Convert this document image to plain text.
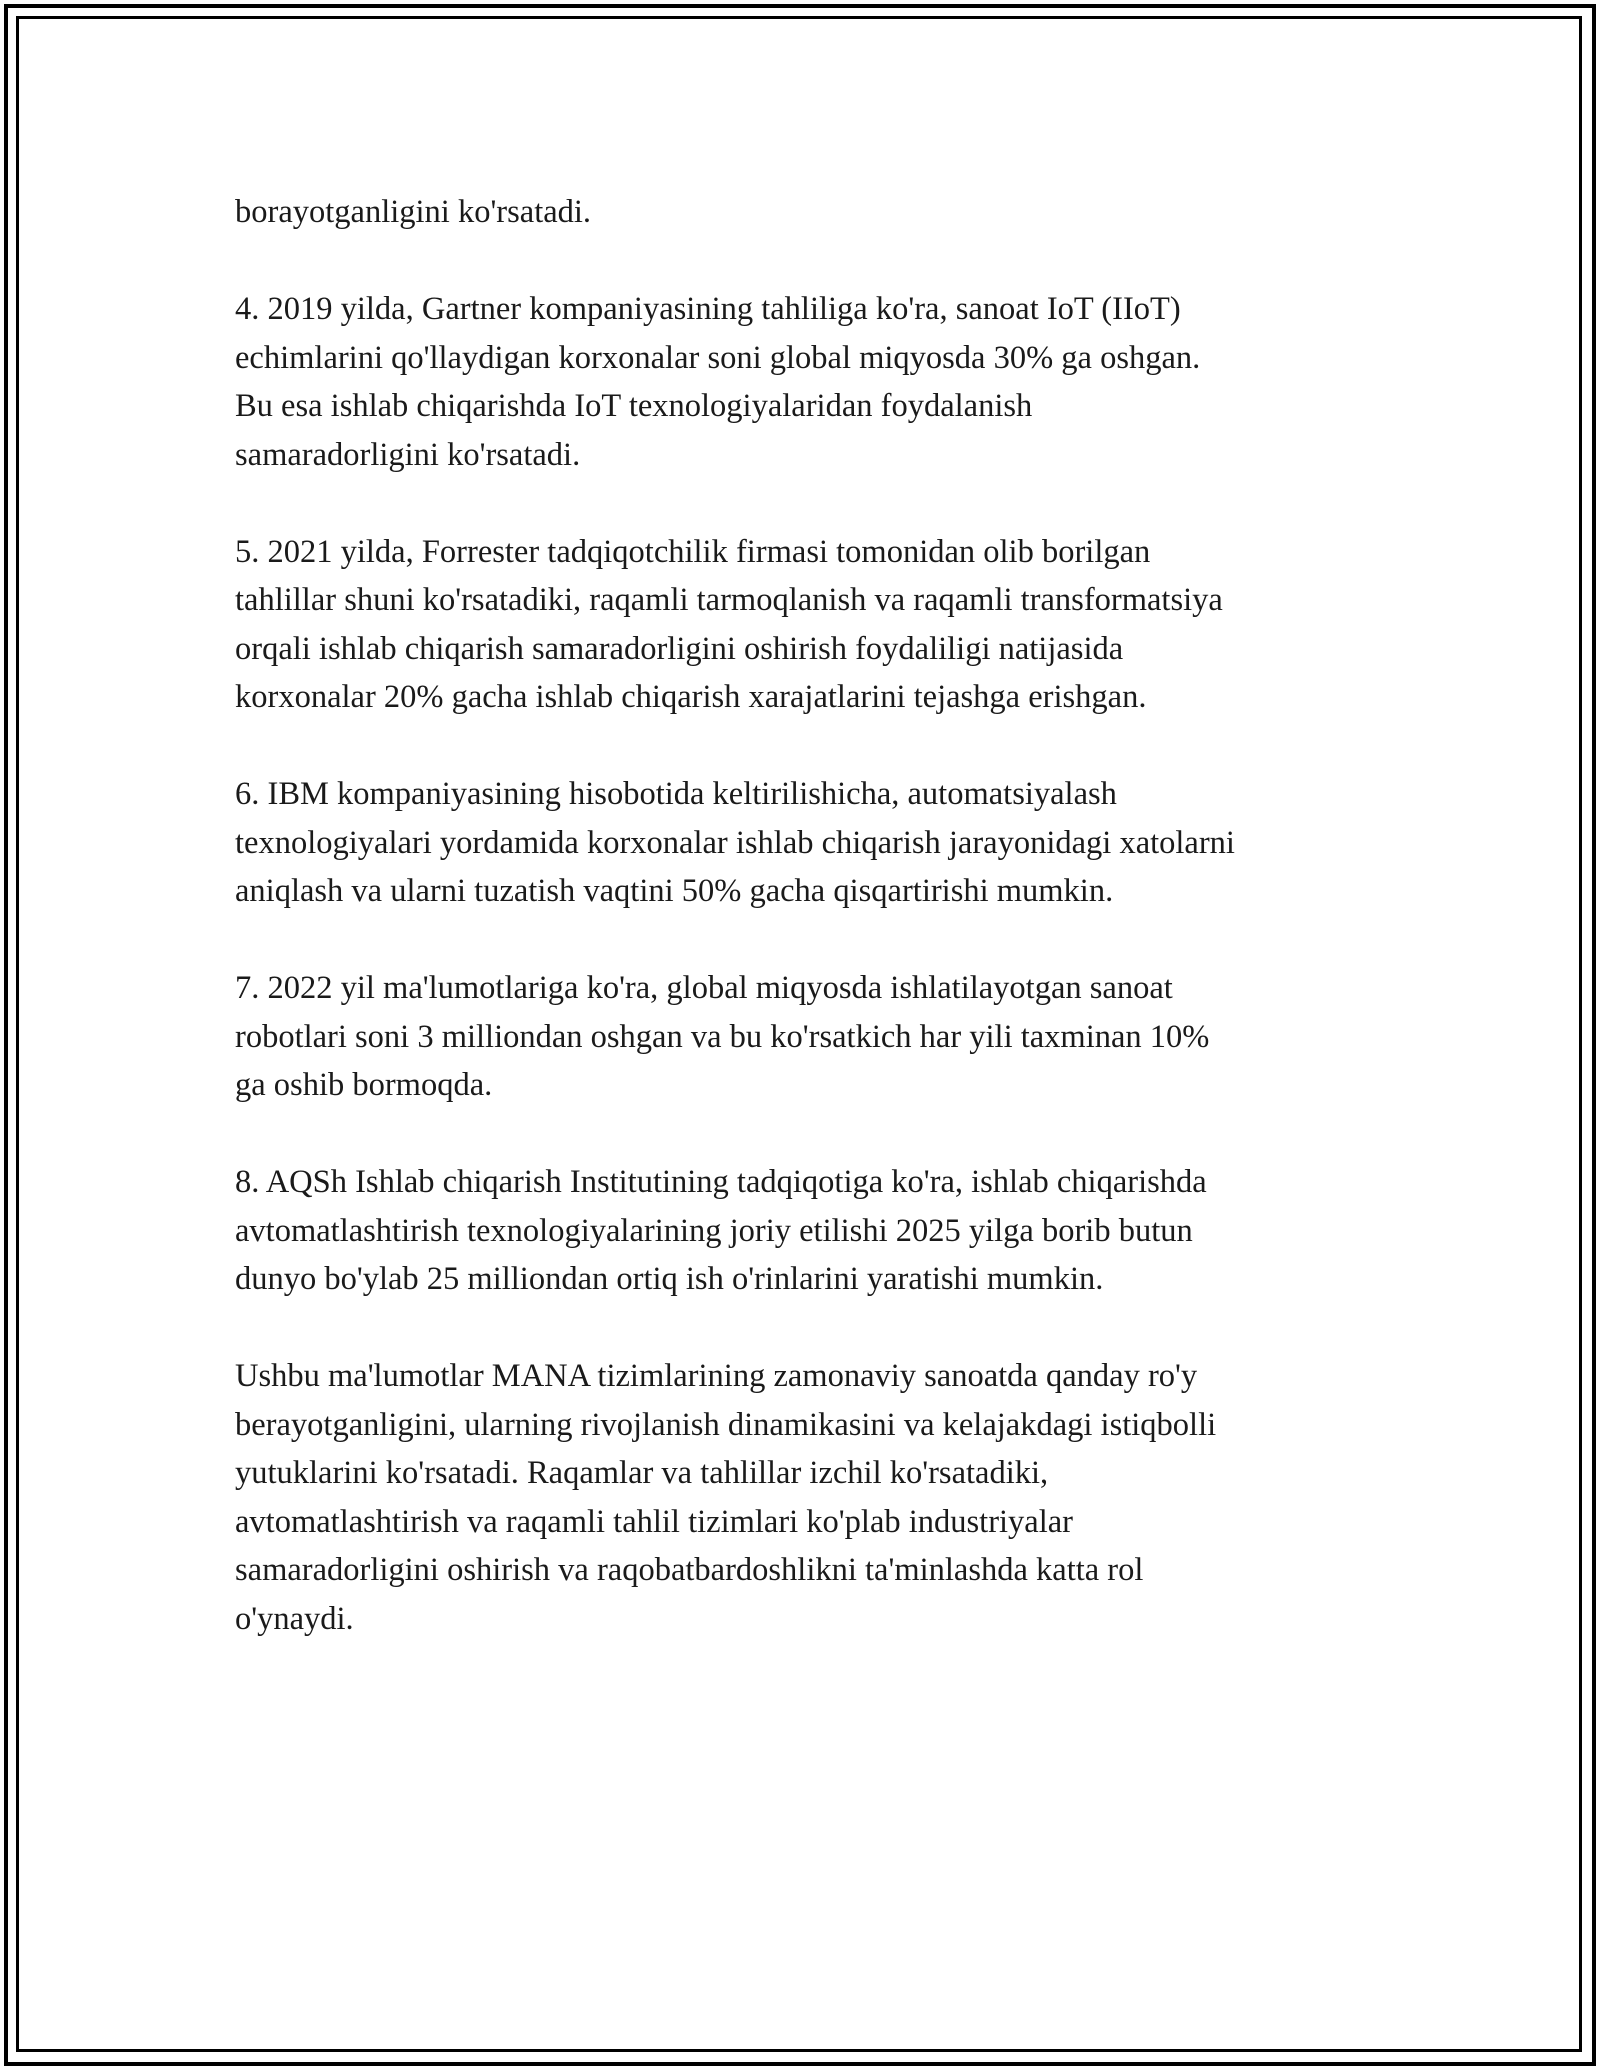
borayotganligini ko'rsatadi.

4. 2019 yilda, Gartner kompaniyasining tahliliga ko'ra, sanoat IoT (IIoT)
echimlarini qo'llaydigan korxonalar soni global miqyosda 30% ga oshgan.
Bu esa ishlab chiqarishda IoT texnologiyalaridan foydalanish
samaradorligini ko'rsatadi.

5. 2021 yilda, Forrester tadqiqotchilik firmasi tomonidan olib borilgan
tahlillar shuni ko'rsatadiki, raqamli tarmoqlanish va raqamli transformatsiya
orqali ishlab chiqarish samaradorligini oshirish foydaliligi natijasida
korxonalar 20% gacha ishlab chiqarish xarajatlarini tejashga erishgan.

6. IBM kompaniyasining hisobotida keltirilishicha, automatsiyalash
texnologiyalari yordamida korxonalar ishlab chiqarish jarayonidagi xatolarni
aniqlash va ularni tuzatish vaqtini 50% gacha qisqartirishi mumkin.

7. 2022 yil ma'lumotlariga ko'ra, global miqyosda ishlatilayotgan sanoat
robotlari soni 3 milliondan oshgan va bu ko'rsatkich har yili taxminan 10%
ga oshib bormoqda.

8. AQSh Ishlab chiqarish Institutining tadqiqotiga ko'ra, ishlab chiqarishda
avtomatlashtirish texnologiyalarining joriy etilishi 2025 yilga borib butun
dunyo bo'ylab 25 milliondan ortiq ish o'rinlarini yaratishi mumkin.

Ushbu ma'lumotlar MANA tizimlarining zamonaviy sanoatda qanday ro'y
berayotganligini, ularning rivojlanish dinamikasini va kelajakdagi istiqbolli
yutuklarini ko'rsatadi. Raqamlar va tahlillar izchil ko'rsatadiki,
avtomatlashtirish va raqamli tahlil tizimlari ko'plab industriyalar
samaradorligini oshirish va raqobatbardoshlikni ta'minlashda katta rol
o'ynaydi.
